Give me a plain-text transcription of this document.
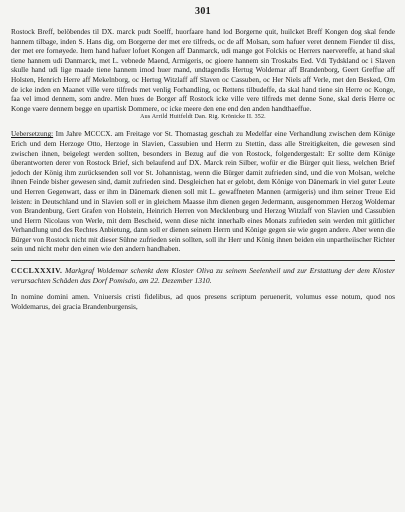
301

Rostock Breff, belöbendes til DX. marck pudt Soelff, huorfaare hand lod Borgerne quit, huilcket Breff Kongen dog skal fende hannem tilbage, inden S. Hans dig, om Borgerne der met ere tilfreds, oc de aff Molsan, som hafuer veret dennem Fiender til diss, der met ere fornøyede. Item hand hafuer lofuet Kongen aff Danmarck, udi mange got Folckis oc Herrers naervereffe, at hand skal tiene hannem udi Danmarck, met L. vebnede Maend, Armigeris, oc gioere hannem sin Troskabs Eed. Vdi Tydskland oc i Slaven skulle hand udi lige maade tiene hannem imod huer mand, undtagendis Hertug Woldemar aff Brandenborg, Geert Greffue aff Holsten, Henrich Herre aff Mekelnborg, oc Hertug Witzlaff aff Slaven oc Cassuben, oc Her Niels aff Verle, met den Besked, Om de icke inden en Maanet ville vere tilfreds met venlig Forhandling, oc Rettens tilbudeffe, da skal hand tiene sin Herre oc Konge, faa vel imod dennem, som andre. Men hues de Borger aff Rostock icke ville vere tilfreds met denne Sone, skal deris Herre oc Konge vaere dennem begge en upartisk Dommere, oc icke meere den ene end den anden handthaeffue.

Aus Arrild Huitfeldt Dan. Rig. Krönicke II. 352.

Uebersetzung: Im Jahre MCCCX. am Freitage vor St. Thomastag geschah zu Medelfar eine Verhandlung zwischen dem Könige Erich und dem Herzoge Otto, Herzoge in Slavien, Cassubien und Herrn zu Stettin, dass alle Streitigkeiten, die gewesen sind zwischen ihnen, beigelegt werden sollten, besonders in Bezug auf die von Rostock, folgendergestalt: Er sollte dem Könige überantworten derer von Rostock Brief, sich belaufend auf DX. Marck rein Silber, wofür er die Bürger quit liess, welchen Brief jedoch der König ihm zurücksenden soll vor St. Johannistag, wenn die Bürger damit zufrieden sind, und die von Molsan, welche ihnen Feinde bisher gewesen sind, damit zufrieden sind. Desgleichen hat er gelobt, dem Könige von Dänemark in viel guter Leute und Herren Gegenwart, dass er ihm in Dänemark dienen soll mit L. gewaffneten Mannen (armigeris) und ihm seiner Treue Eid leisten: in Deutschland und in Slavien soll er in gleichem Maasse ihm dienen gegen Jedermann, ausgenommen Herzog Woldemar von Brandenburg, Gert Grafen von Holstein, Heinrich Herren von Mecklenburg und Herzog Witzlaff von Slavien und Cassubien und Herrn Nicolaus von Werle, mit dem Bescheid, wenn diese nicht innerhalb eines Monats zufrieden sein werden mit gütlicher Verhandlung und des Rechtes Anbietung, dann soll er dienen seinem Herrn und Könige gegen sie wie gegen andere. Aber wenn die Bürger von Rostock nicht mit dieser Sühne zufrieden sein sollten, soll ihr Herr und König ihnen beiden ein unpartheiischer Richter sein und nicht mehr den einen wie den andern handhaben.

CCCLXXXIV. Markgraf Woldemar schenkt dem Kloster Oliva zu seinem Seelenheil und zur Erstattung der dem Kloster verursachten Schäden das Dorf Pomisdo, am 22. Dezember 1310.

In nomine domini amen. Vniuersis cristi fidelibus, ad quos presens scriptum peruenerit, volumus esse notum, quod nos Woldemarus, dei gracia Brandenburgensis,
